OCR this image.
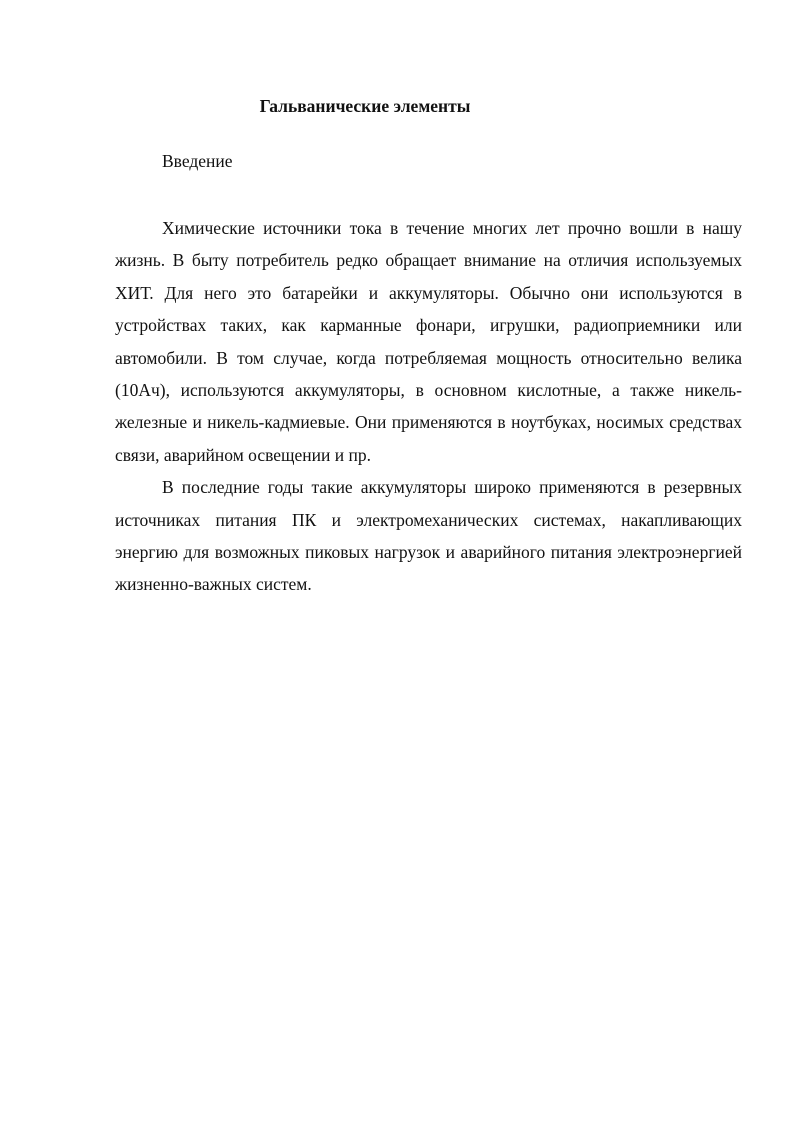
Гальванические элементы

Введение

Химические источники тока в течение многих лет прочно вошли в нашу жизнь. В быту потребитель редко обращает внимание на отличия используемых ХИТ. Для него это батарейки и аккумуляторы. Обычно они используются в устройствах таких, как карманные фонари, игрушки, радиоприемники или автомобили. В том случае, когда потребляемая мощность относительно велика (10Ач), используются аккумуляторы, в основном кислотные, а также никель-железные и никель-кадмиевые. Они применяются в ноутбуках, носимых средствах связи, аварийном освещении и пр.

В последние годы такие аккумуляторы широко применяются в резервных источниках питания ПК и электромеханических системах, накапливающих энергию для возможных пиковых нагрузок и аварийного питания электроэнергией жизненно-важных систем.
